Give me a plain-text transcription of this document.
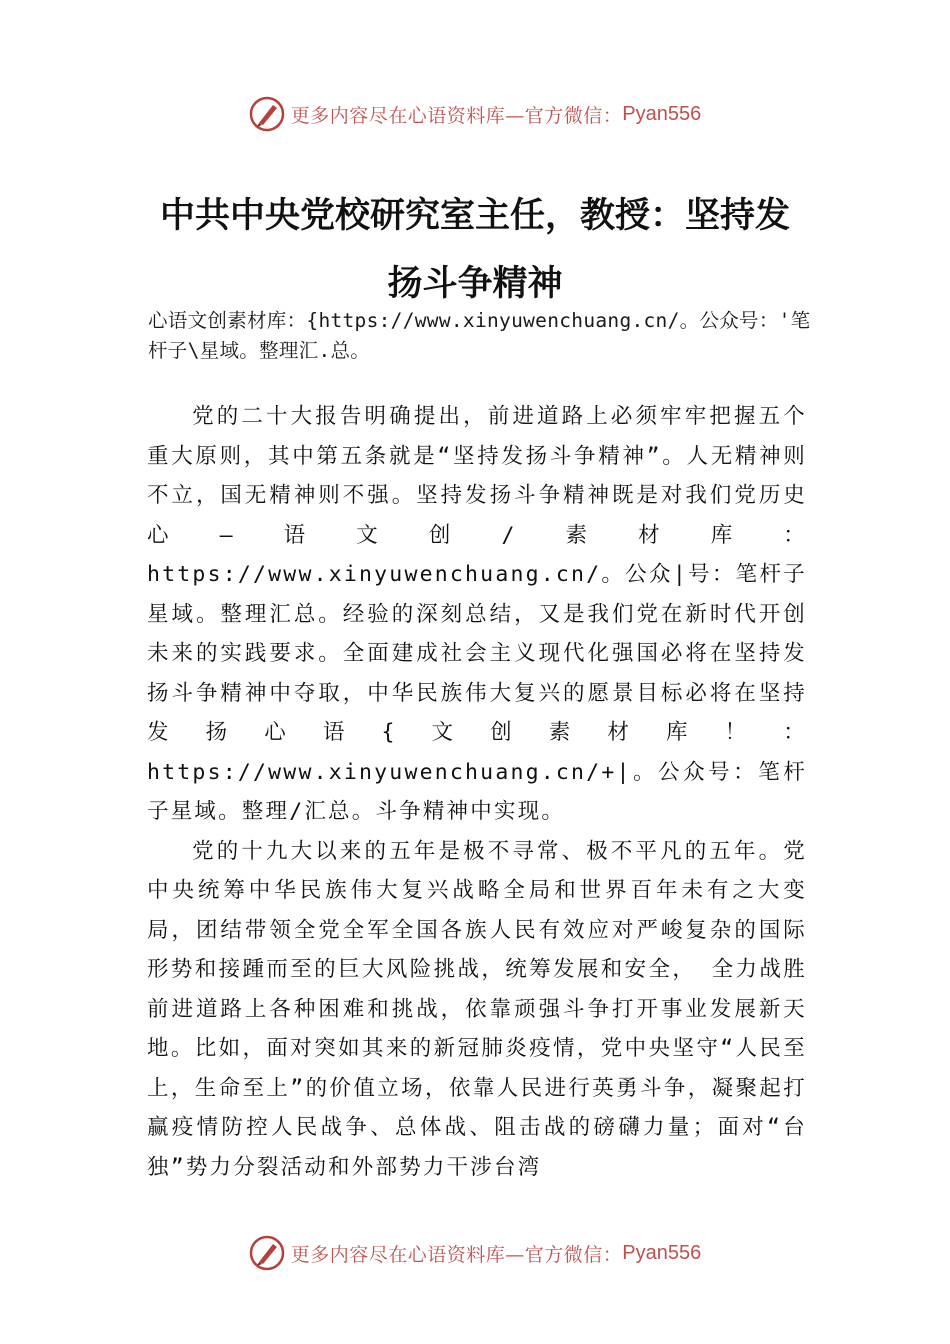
更多内容尽在心语资料库—官方微信： Pyan556
中共中央党校研究室主任，教授：坚持发
扬斗争精神
心语文创素材库：{https://www.xinyuwenchuang.cn/。公众号：'笔杆子\星域。整理汇.总。

党的二十大报告明确提出，前进道路上必须牢牢把握五个重大原则，其中第五条就是“坚持发扬斗争精神”。人无精神则不立，国无精神则不强。坚持发扬斗争精神既是对我们党历史心—语文创/素材库：https://www.xinyuwenchuang.cn/。公众|号：笔杆子星域。整理汇总。经验的深刻总结，又是我们党在新时代开创未来的实践要求。全面建成社会主义现代化强国必将在坚持发扬斗争精神中夺取，中华民族伟大复兴的愿景目标必将在坚持发扬心语{文创素材库！：https://www.xinyuwenchuang.cn/+|。公众号：笔杆子星域。整理/汇总。斗争精神中实现。

党的十九大以来的五年是极不寻常、极不平凡的五年。党中央统筹中华民族伟大复兴战略全局和世界百年未有之大变局，团结带领全党全军全国各族人民有效应对严峻复杂的国际形势和接踵而至的巨大风险挑战，统筹发展和安全， 全力战胜前进道路上各种困难和挑战，依靠顽强斗争打开事业发展新天地。比如，面对突如其来的新冠肺炎疫情，党中央坚守“人民至上，生命至上”的价值立场，依靠人民进行英勇斗争，凝聚起打赢疫情防控人民战争、总体战、阻击战的磅礴力量；面对“台独”势力分裂活动和外部势力干涉台湾

更多内容尽在心语资料库—官方微信： Pyan556
